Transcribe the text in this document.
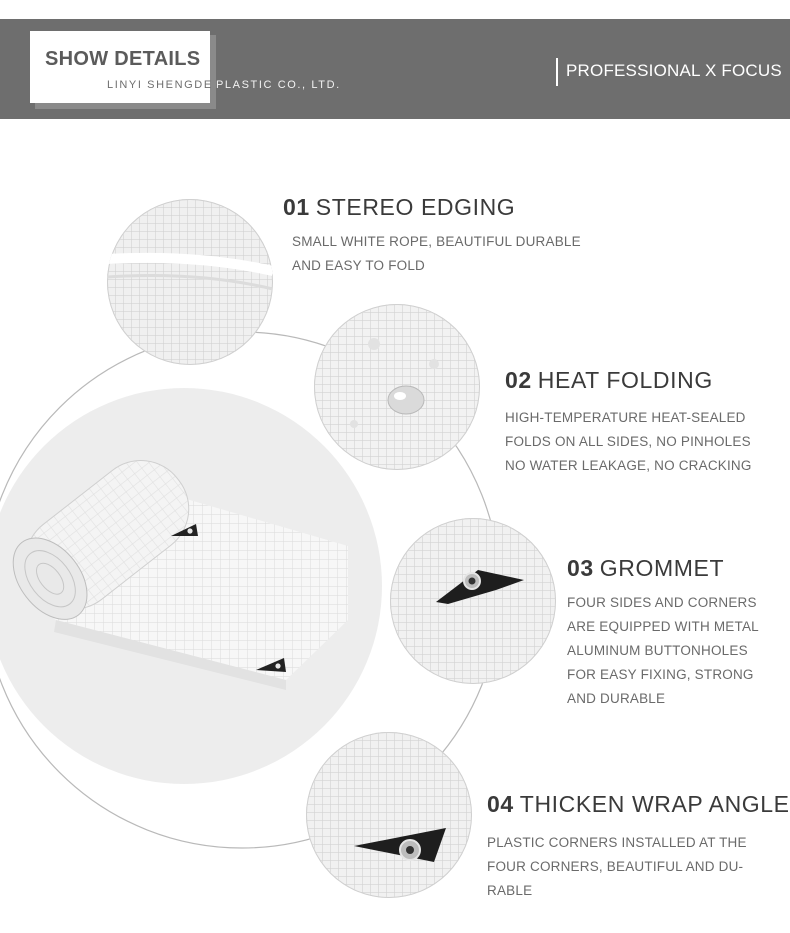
SHOW DETAILS
LINYI SHENGDE PLASTIC CO., LTD.
PROFESSIONAL X FOCUS
01 STEREO EDGING
SMALL WHITE ROPE, BEAUTIFUL DURABLE
AND EASY TO FOLD
02 HEAT FOLDING
HIGH-TEMPERATURE HEAT-SEALED
FOLDS ON ALL SIDES, NO PINHOLES
NO WATER LEAKAGE, NO CRACKING
03 GROMMET
FOUR SIDES AND CORNERS
ARE EQUIPPED WITH METAL
ALUMINUM BUTTONHOLES
FOR EASY FIXING, STRONG
AND DURABLE
04 THICKEN WRAP ANGLE
PLASTIC CORNERS INSTALLED AT THE
FOUR CORNERS, BEAUTIFUL AND DU-
RABLE
